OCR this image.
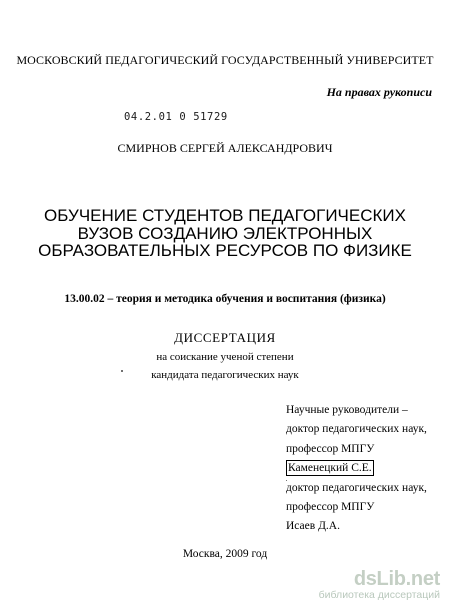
МОСКОВСКИЙ ПЕДАГОГИЧЕСКИЙ ГОСУДАРСТВЕННЫЙ УНИВЕРСИТЕТ
На правах рукописи
04.2.01 0 51729
СМИРНОВ СЕРГЕЙ АЛЕКСАНДРОВИЧ
ОБУЧЕНИЕ СТУДЕНТОВ ПЕДАГОГИЧЕСКИХ
ВУЗОВ СОЗДАНИЮ ЭЛЕКТРОННЫХ
ОБРАЗОВАТЕЛЬНЫХ РЕСУРСОВ ПО ФИЗИКЕ
13.00.02 – теория и методика обучения и воспитания (физика)
ДИССЕРТАЦИЯ
на соискание ученой степени
кандидата педагогических наук
Научные руководители –
доктор педагогических наук,
профессор МПГУ
Каменецкий С.Е.
доктор педагогических наук,
профессор МПГУ
Исаев Д.А.
Москва, 2009 год
dsLib.net
библиотека диссертаций
